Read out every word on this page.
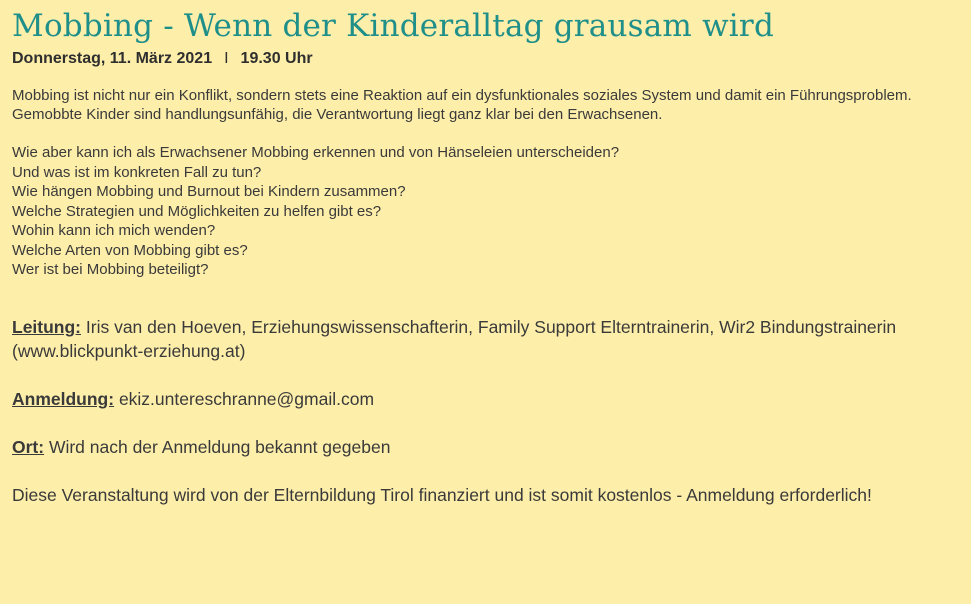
Mobbing - Wenn der Kinderalltag grausam wird
Donnerstag, 11. März 2021 I 19.30 Uhr

Mobbing ist nicht nur ein Konflikt, sondern stets eine Reaktion auf ein dysfunktionales soziales System und damit ein Führungsproblem.

Gemobbte Kinder sind handlungsunfähig, die Verantwortung liegt ganz klar bei den Erwachsenen.

Wie aber kann ich als Erwachsener Mobbing erkennen und von Hänseleien unterscheiden?

Und was ist im konkreten Fall zu tun?

Wie hängen Mobbing und Burnout bei Kindern zusammen?

Welche Strategien und Möglichkeiten zu helfen gibt es?

Wohin kann ich mich wenden?

Welche Arten von Mobbing gibt es?

Wer ist bei Mobbing beteiligt?

Leitung: Iris van den Hoeven, Erziehungswissenschafterin, Family Support Elterntrainerin, Wir2 Bindungstrainerin (www.blickpunkt-erziehung.at)

Anmeldung: ekiz.untereschranne@gmail.com

Ort: Wird nach der Anmeldung bekannt gegeben

Diese Veranstaltung wird von der Elternbildung Tirol finanziert und ist somit kostenlos - Anmeldung erforderlich!
